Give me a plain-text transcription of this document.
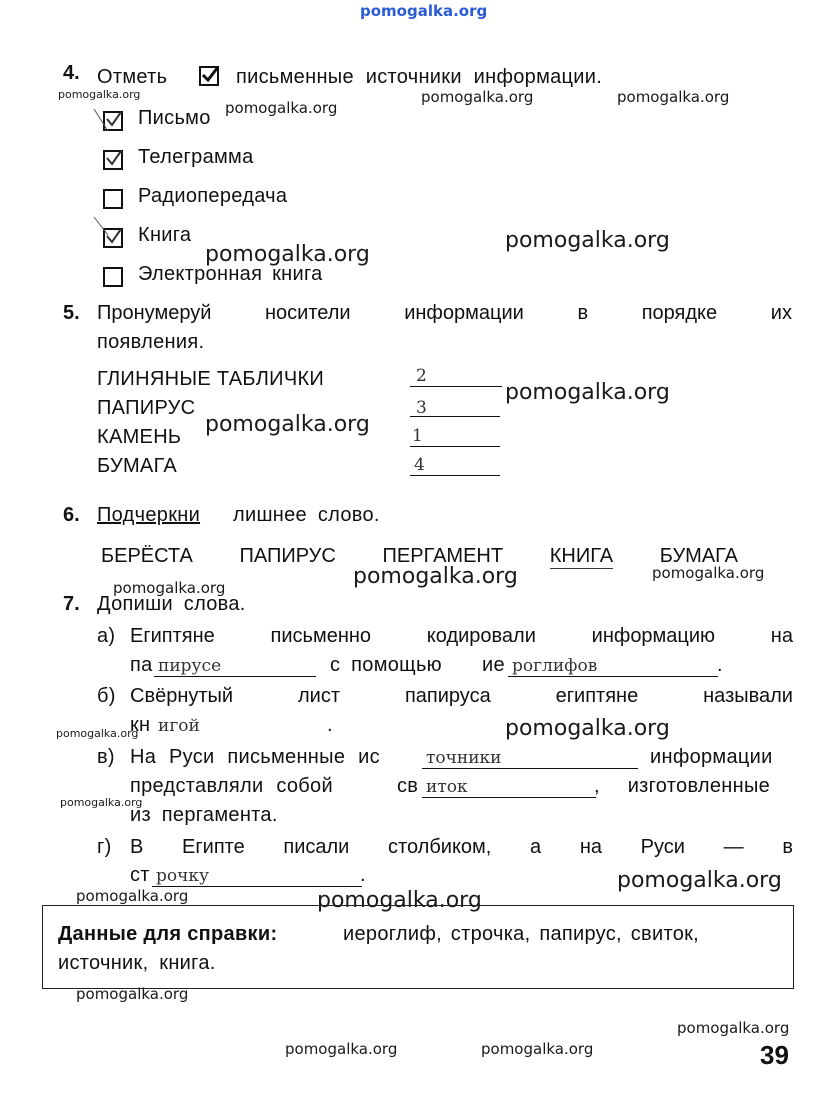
pomogalka.org
pomogalka.org
pomogalka.org
pomogalka.org	pomogalka.org
pomogalka.org
pomogalka.org
pomogalka.org
pomogalka.org
pomogalka.org	pomogalka.org	pomogalka.org
pomogalka.org	pomogalka.org
pomogalka.org
pomogalka.org
pomogalka.org	pomogalka.org
pomogalka.org
pomogalka.org
pomogalka.org	pomogalka.org
4. Отметь	письменные источники информации.
Письмо
Телеграмма
Радиопередача
Книга
Электронная книга
5. Пронумеруй	носители	информации	в	порядке	их
появления.
ГЛИНЯНЫЕ ТАБЛИЧКИ	2
ПАПИРУС	3
КАМЕНЬ	1
БУМАГА	4
6. Подчеркни лишнее слово.
БЕРЁСТА ПАПИРУС ПЕРГАМЕНТ КНИГА БУМАГА
7. Допиши слова.
а) Египтяне	письменно	кодировали	информацию	на
па пирусе	с помощью ие роглифов	.
б) Свёрнутый	лист	папируса	египтяне	называли
кн игой	.
в) На Руси письменные ис	точники	информации
представляли собой	св иток	, изготовленные
из пергамента.
г) В Египте писали столбиком, а на Руси — в
ст рочку	.
Данные для справки:	иероглиф, строчка, папирус, свиток,
источник, книга.
39
